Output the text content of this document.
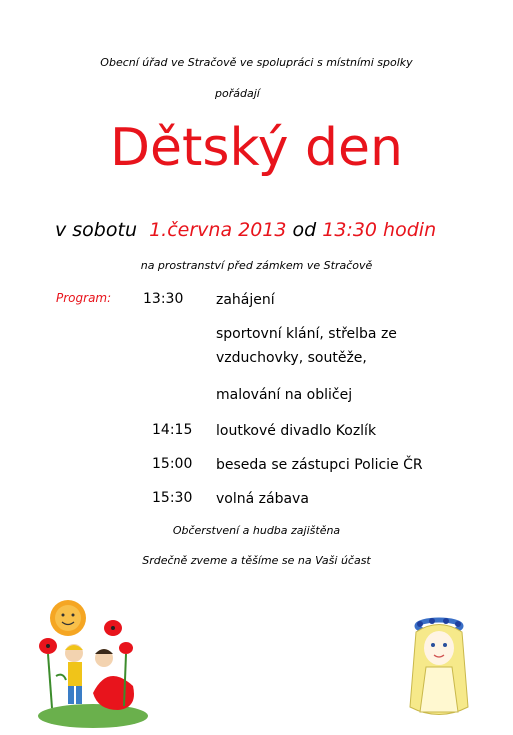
Obecní úřad ve Stračově ve spolupráci s místními spolky
pořádají
Dětský den
v sobotu 1.června 2013 od 13:30 hodin
na prostranství před zámkem ve Stračově
Program: 13:30	zahájení
sportovní klání, střelba ze vzduchovky, soutěže,
malování na obličej
14:15	loutkové divadlo Kozlík
15:00	beseda se zástupci Policie ČR
15:30	volná zábava
Občerstvení a hudba zajištěna
Srdečně zveme a těšíme se na Vaši účast
